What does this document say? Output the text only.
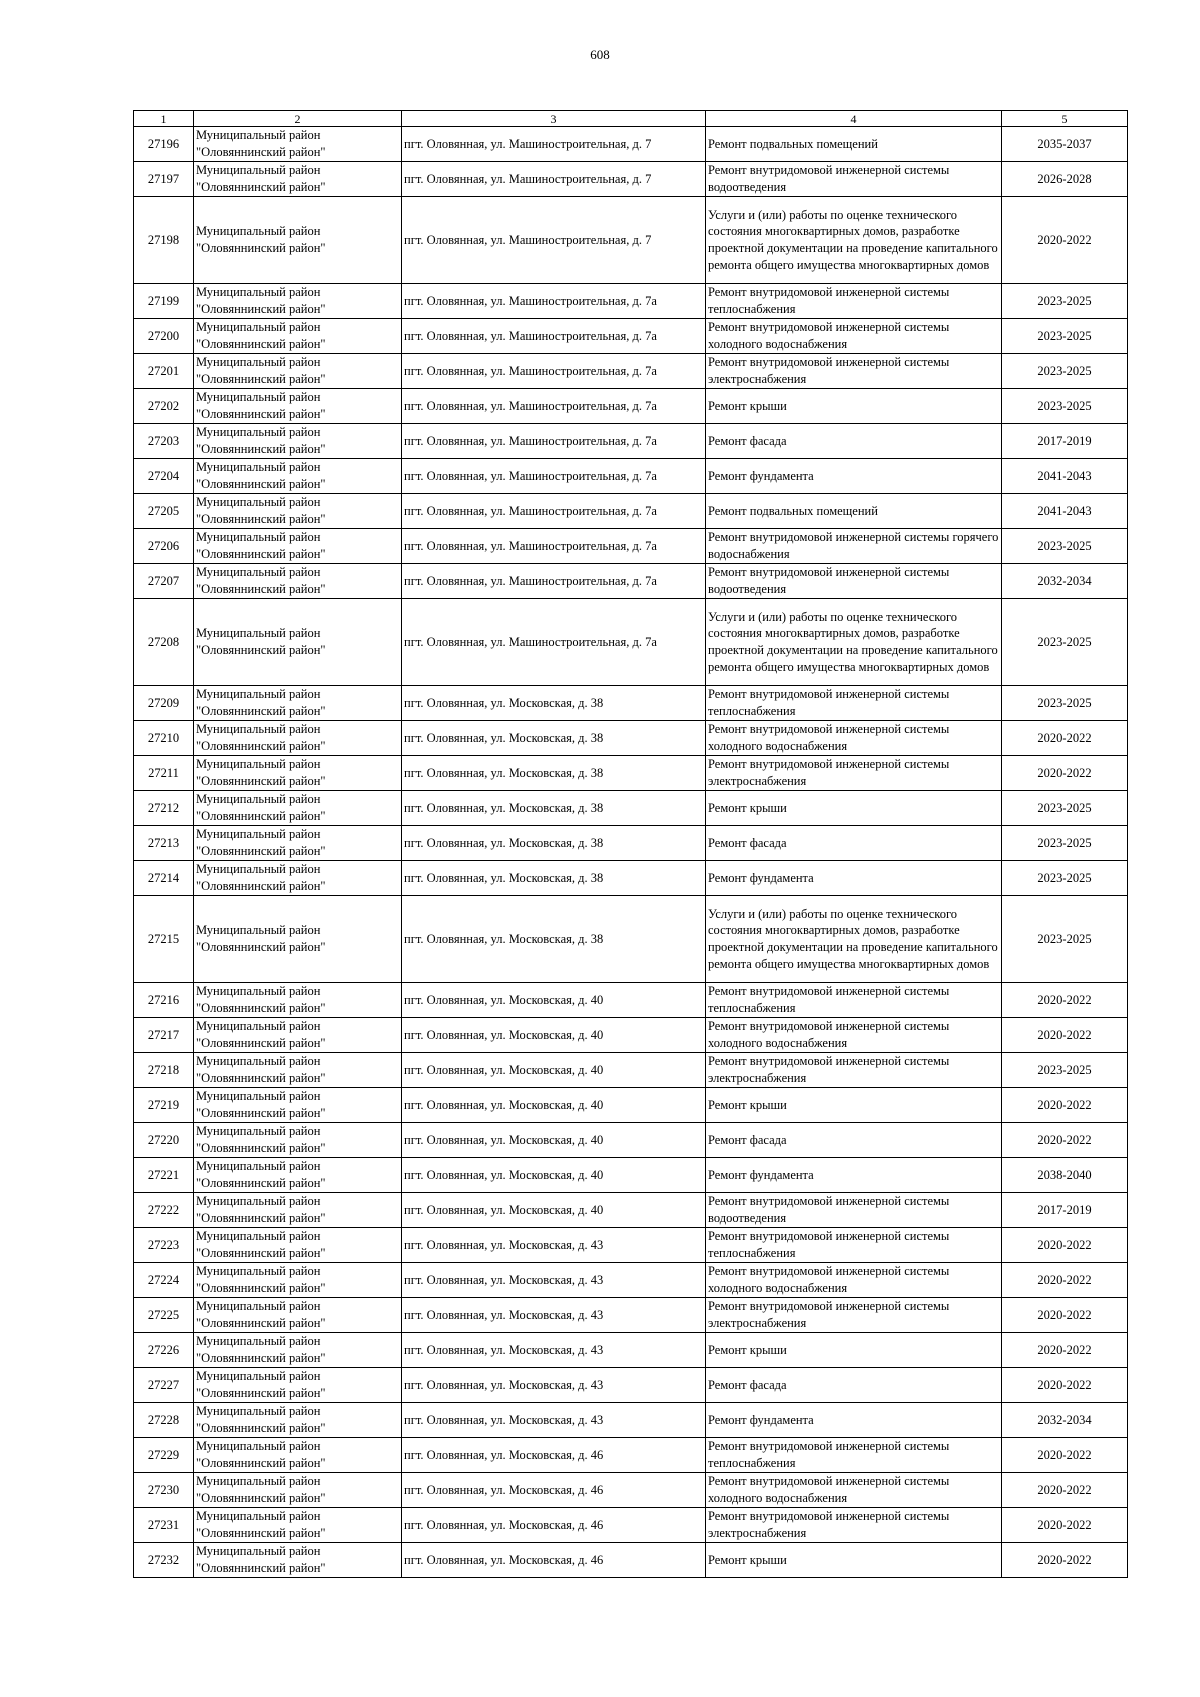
608
1	2	3	4	5
27196	Муниципальный район "Оловяннинский район"	пгт. Оловянная, ул. Машиностроительная, д. 7	Ремонт подвальных помещений	2035-2037
27197	Муниципальный район "Оловяннинский район"	пгт. Оловянная, ул. Машиностроительная, д. 7	Ремонт внутридомовой инженерной системы водоотведения	2026-2028
27198	Муниципальный район "Оловяннинский район"	пгт. Оловянная, ул. Машиностроительная, д. 7	Услуги и (или) работы по оценке технического состояния многоквартирных домов, разработке проектной документации на проведение капитального ремонта общего имущества многоквартирных домов	2020-2022
27199	Муниципальный район "Оловяннинский район"	пгт. Оловянная, ул. Машиностроительная, д. 7а	Ремонт внутридомовой инженерной системы теплоснабжения	2023-2025
27200	Муниципальный район "Оловяннинский район"	пгт. Оловянная, ул. Машиностроительная, д. 7а	Ремонт внутридомовой инженерной системы холодного водоснабжения	2023-2025
27201	Муниципальный район "Оловяннинский район"	пгт. Оловянная, ул. Машиностроительная, д. 7а	Ремонт внутридомовой инженерной системы электроснабжения	2023-2025
27202	Муниципальный район "Оловяннинский район"	пгт. Оловянная, ул. Машиностроительная, д. 7а	Ремонт крыши	2023-2025
27203	Муниципальный район "Оловяннинский район"	пгт. Оловянная, ул. Машиностроительная, д. 7а	Ремонт фасада	2017-2019
27204	Муниципальный район "Оловяннинский район"	пгт. Оловянная, ул. Машиностроительная, д. 7а	Ремонт фундамента	2041-2043
27205	Муниципальный район "Оловяннинский район"	пгт. Оловянная, ул. Машиностроительная, д. 7а	Ремонт подвальных помещений	2041-2043
27206	Муниципальный район "Оловяннинский район"	пгт. Оловянная, ул. Машиностроительная, д. 7а	Ремонт внутридомовой инженерной системы горячего водоснабжения	2023-2025
27207	Муниципальный район "Оловяннинский район"	пгт. Оловянная, ул. Машиностроительная, д. 7а	Ремонт внутридомовой инженерной системы водоотведения	2032-2034
27208	Муниципальный район "Оловяннинский район"	пгт. Оловянная, ул. Машиностроительная, д. 7а	Услуги и (или) работы по оценке технического состояния многоквартирных домов, разработке проектной документации на проведение капитального ремонта общего имущества многоквартирных домов	2023-2025
27209	Муниципальный район "Оловяннинский район"	пгт. Оловянная, ул. Московская, д. 38	Ремонт внутридомовой инженерной системы теплоснабжения	2023-2025
27210	Муниципальный район "Оловяннинский район"	пгт. Оловянная, ул. Московская, д. 38	Ремонт внутридомовой инженерной системы холодного водоснабжения	2020-2022
27211	Муниципальный район "Оловяннинский район"	пгт. Оловянная, ул. Московская, д. 38	Ремонт внутридомовой инженерной системы электроснабжения	2020-2022
27212	Муниципальный район "Оловяннинский район"	пгт. Оловянная, ул. Московская, д. 38	Ремонт крыши	2023-2025
27213	Муниципальный район "Оловяннинский район"	пгт. Оловянная, ул. Московская, д. 38	Ремонт фасада	2023-2025
27214	Муниципальный район "Оловяннинский район"	пгт. Оловянная, ул. Московская, д. 38	Ремонт фундамента	2023-2025
27215	Муниципальный район "Оловяннинский район"	пгт. Оловянная, ул. Московская, д. 38	Услуги и (или) работы по оценке технического состояния многоквартирных домов, разработке проектной документации на проведение капитального ремонта общего имущества многоквартирных домов	2023-2025
27216	Муниципальный район "Оловяннинский район"	пгт. Оловянная, ул. Московская, д. 40	Ремонт внутридомовой инженерной системы теплоснабжения	2020-2022
27217	Муниципальный район "Оловяннинский район"	пгт. Оловянная, ул. Московская, д. 40	Ремонт внутридомовой инженерной системы холодного водоснабжения	2020-2022
27218	Муниципальный район "Оловяннинский район"	пгт. Оловянная, ул. Московская, д. 40	Ремонт внутридомовой инженерной системы электроснабжения	2023-2025
27219	Муниципальный район "Оловяннинский район"	пгт. Оловянная, ул. Московская, д. 40	Ремонт крыши	2020-2022
27220	Муниципальный район "Оловяннинский район"	пгт. Оловянная, ул. Московская, д. 40	Ремонт фасада	2020-2022
27221	Муниципальный район "Оловяннинский район"	пгт. Оловянная, ул. Московская, д. 40	Ремонт фундамента	2038-2040
27222	Муниципальный район "Оловяннинский район"	пгт. Оловянная, ул. Московская, д. 40	Ремонт внутридомовой инженерной системы водоотведения	2017-2019
27223	Муниципальный район "Оловяннинский район"	пгт. Оловянная, ул. Московская, д. 43	Ремонт внутридомовой инженерной системы теплоснабжения	2020-2022
27224	Муниципальный район "Оловяннинский район"	пгт. Оловянная, ул. Московская, д. 43	Ремонт внутридомовой инженерной системы холодного водоснабжения	2020-2022
27225	Муниципальный район "Оловяннинский район"	пгт. Оловянная, ул. Московская, д. 43	Ремонт внутридомовой инженерной системы электроснабжения	2020-2022
27226	Муниципальный район "Оловяннинский район"	пгт. Оловянная, ул. Московская, д. 43	Ремонт крыши	2020-2022
27227	Муниципальный район "Оловяннинский район"	пгт. Оловянная, ул. Московская, д. 43	Ремонт фасада	2020-2022
27228	Муниципальный район "Оловяннинский район"	пгт. Оловянная, ул. Московская, д. 43	Ремонт фундамента	2032-2034
27229	Муниципальный район "Оловяннинский район"	пгт. Оловянная, ул. Московская, д. 46	Ремонт внутридомовой инженерной системы теплоснабжения	2020-2022
27230	Муниципальный район "Оловяннинский район"	пгт. Оловянная, ул. Московская, д. 46	Ремонт внутридомовой инженерной системы холодного водоснабжения	2020-2022
27231	Муниципальный район "Оловяннинский район"	пгт. Оловянная, ул. Московская, д. 46	Ремонт внутридомовой инженерной системы электроснабжения	2020-2022
27232	Муниципальный район "Оловяннинский район"	пгт. Оловянная, ул. Московская, д. 46	Ремонт крыши	2020-2022
